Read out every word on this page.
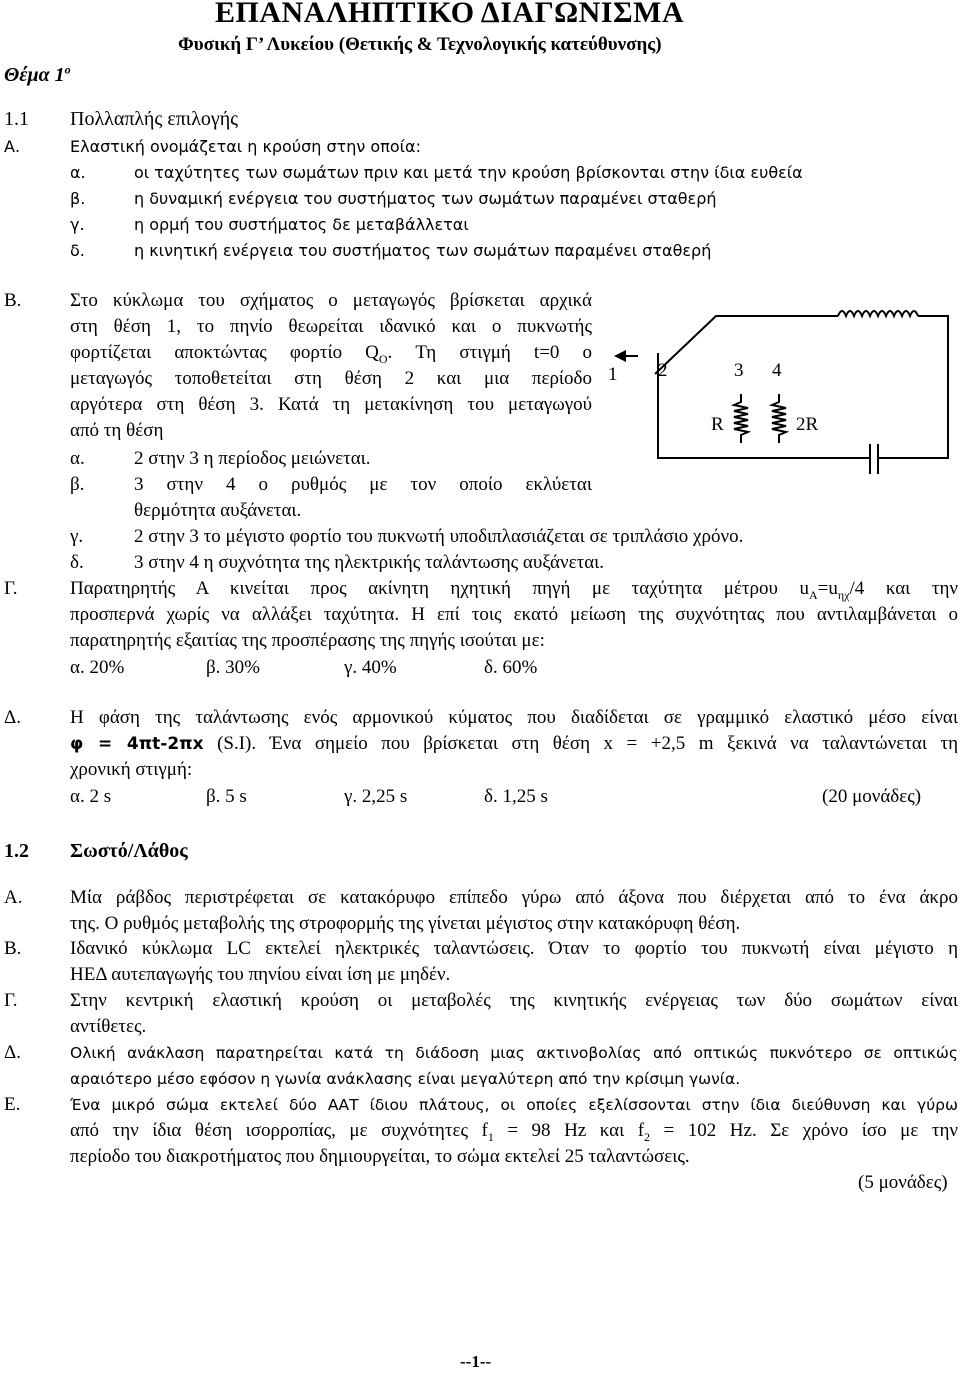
ΕΠΑΝΑΛΗΠΤΙΚΟ ΔΙΑΓΩΝΙΣΜΑ
Φυσική Γ’ Λυκείου (Θετικής & Τεχνολογικής κατεύθυνσης)
Θέμα $1^o$
1.1 Πολλαπλής επιλογής
Α.	Ελαστική ονομάζεται η κρούση στην οποία:
α.	οι ταχύτητες των σωμάτων πριν και μετά την κρούση βρίσκονται στην ίδια ευθεία
β.	η δυναμική ενέργεια του συστήματος των σωμάτων παραμένει σταθερή
γ.	η ορμή του συστήματος δε μεταβάλλεται
δ.	η κινητική ενέργεια του συστήματος των σωμάτων παραμένει σταθερή
Β.	Στο κύκλωμα του σχήματος ο μεταγωγός βρίσκεται αρχικά
στη θέση 1, το πηνίο θεωρείται ιδανικό και ο πυκνωτής
φορτίζεται αποκτώντας φορτίο $Q_O$. Τη στιγμή t=0 ο
μεταγωγός τοποθετείται στη θέση 2 και μια περίοδο
αργότερα στη θέση 3. Κατά τη μετακίνηση του μεταγωγού
από τη θέση
α.	2 στην 3 η περίοδος μειώνεται.
β.	3 στην 4 ο ρυθμός με τον οποίο εκλύεται
θερμότητα αυξάνεται.
γ.	2 στην 3 το μέγιστο φορτίο του πυκνωτή υποδιπλασιάζεται σε τριπλάσιο χρόνο.
δ.	3 στην 4 η συχνότητα της ηλεκτρικής ταλάντωσης αυξάνεται.
1 2	3 4
R	2R
Γ.	Παρατηρητής Α κινείται προς ακίνητη ηχητική πηγή με ταχύτητα μέτρου $u_A=u_{\eta\chi}/4$ και την
προσπερνά χωρίς να αλλάξει ταχύτητα. Η επί τοις εκατό μείωση της συχνότητας που αντιλαμβάνεται ο
παρατηρητής εξαιτίας της προσπέρασης της πηγής ισούται με:
α. 20%	β. 30%	γ. 40%	δ. 60%
Δ.	Η φάση της ταλάντωσης ενός αρμονικού κύματος που διαδίδεται σε γραμμικό ελαστικό μέσο είναι
φ = 4πt-2πx (S.I). Ένα σημείο που βρίσκεται στη θέση x = +2,5 m ξεκινά να ταλαντώνεται τη
χρονική στιγμή:
α. 2 s	β. 5 s	γ. 2,25 s	δ. 1,25 s	(20 μονάδες)
1.2 Σωστό/Λάθος
Α.	Μία ράβδος περιστρέφεται σε κατακόρυφο επίπεδο γύρω από άξονα που διέρχεται από το ένα άκρο
της. Ο ρυθμός μεταβολής της στροφορμής της γίνεται μέγιστος στην κατακόρυφη θέση.
Β.	Ιδανικό κύκλωμα LC εκτελεί ηλεκτρικές ταλαντώσεις. Όταν το φορτίο του πυκνωτή είναι μέγιστο η
ΗΕΔ αυτεπαγωγής του πηνίου είναι ίση με μηδέν.
Γ.	Στην κεντρική ελαστική κρούση οι μεταβολές της κινητικής ενέργειας των δύο σωμάτων είναι
αντίθετες.
Δ.	Ολική ανάκλαση παρατηρείται κατά τη διάδοση μιας ακτινοβολίας από οπτικώς πυκνότερο σε οπτικώς
αραιότερο μέσο εφόσον η γωνία ανάκλασης είναι μεγαλύτερη από την κρίσιμη γωνία.
Ε.	Ένα μικρό σώμα εκτελεί δύο ΑΑΤ ίδιου πλάτους, οι οποίες εξελίσσονται στην ίδια διεύθυνση και γύρω
από την ίδια θέση ισορροπίας, με συχνότητες $f_1 = 98$ Hz και $f_2 = 102$ Hz. Σε χρόνο ίσο με την
περίοδο του διακροτήματος που δημιουργείται, το σώμα εκτελεί 25 ταλαντώσεις.
(5 μονάδες)
--1--
